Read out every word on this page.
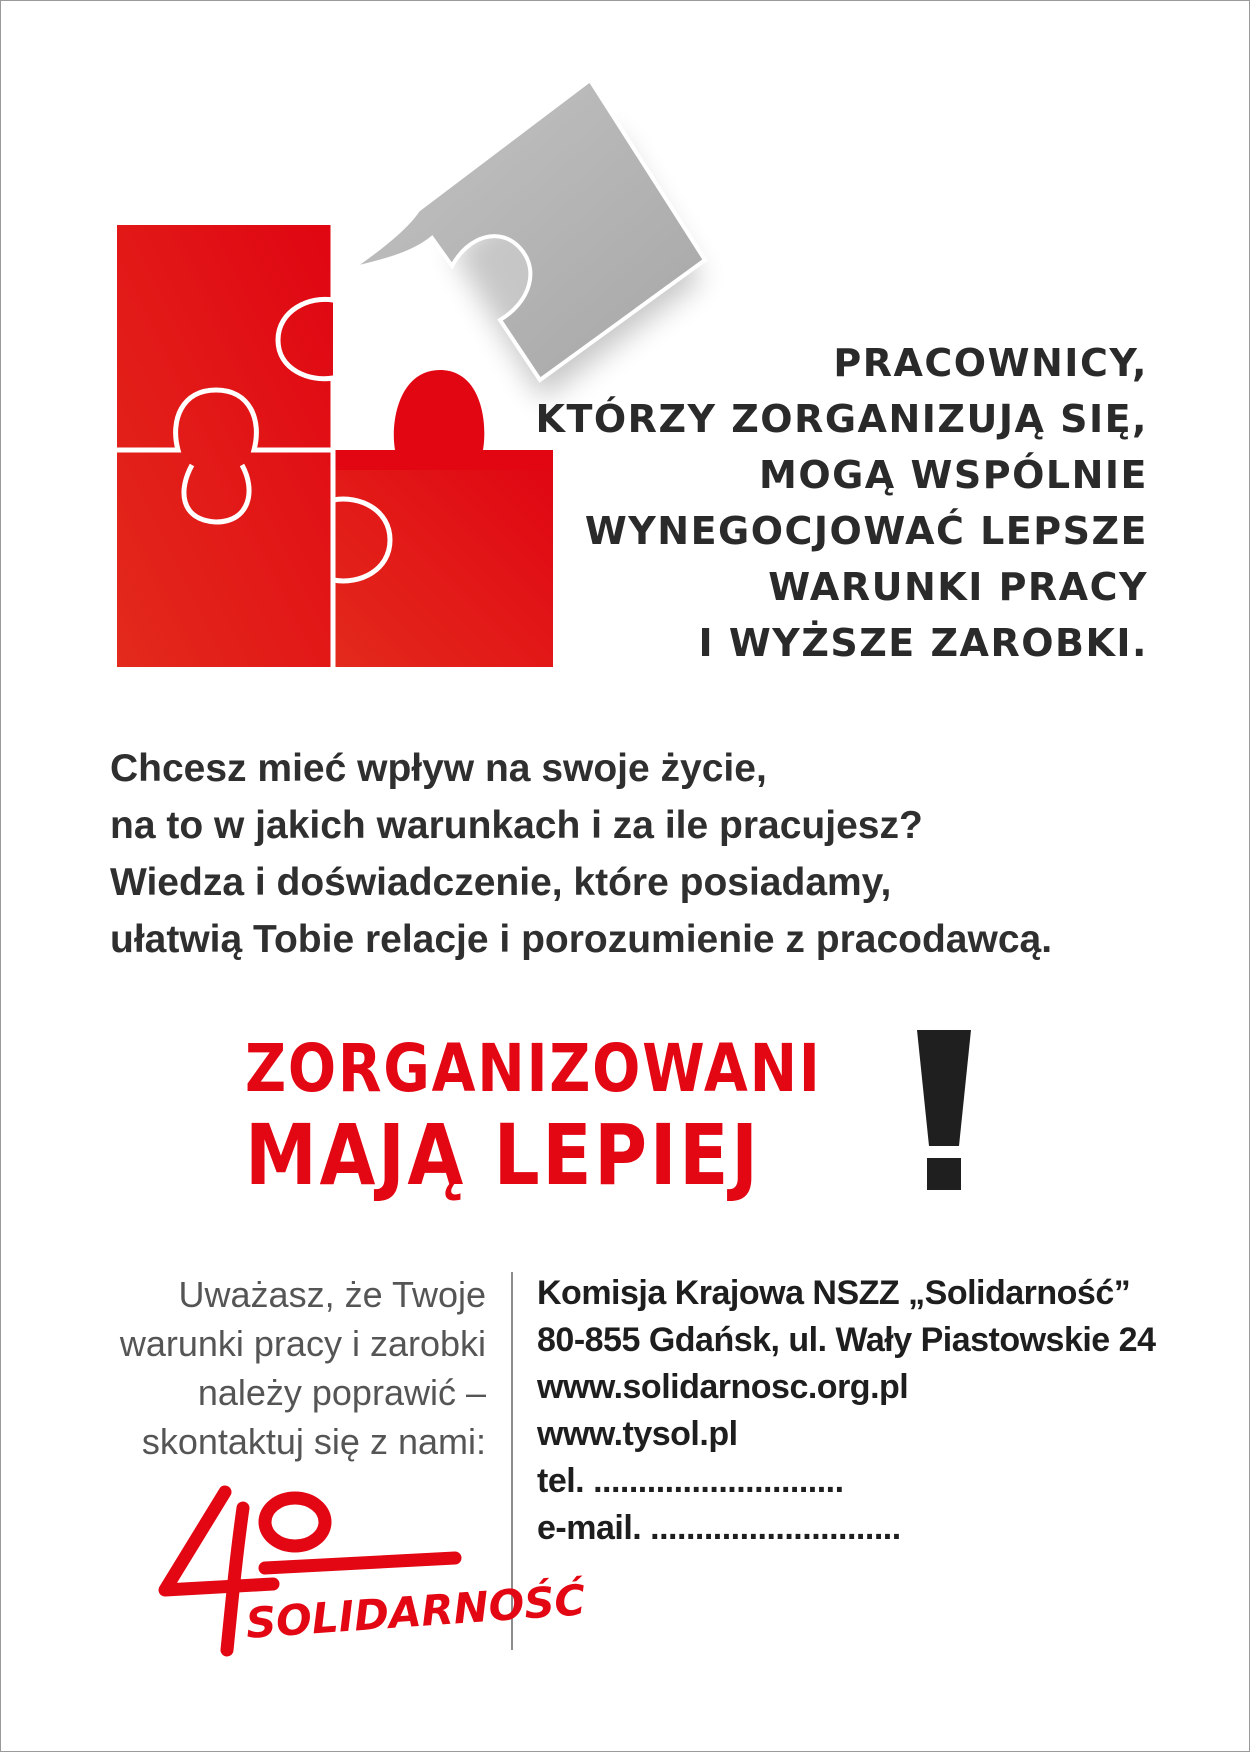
PRACOWNICY,
KTÓRZY ZORGANIZUJĄ SIĘ,
MOGĄ WSPÓLNIE
WYNEGOCJOWAĆ LEPSZE
WARUNKI PRACY
I WYŻSZE ZAROBKI.

Chcesz mieć wpływ na swoje życie,
na to w jakich warunkach i za ile pracujesz?
Wiedza i doświadczenie, które posiadamy,
ułatwią Tobie relacje i porozumienie z pracodawcą.

ZORGANIZOWANI
MAJĄ LEPIEJ

Uważasz, że Twoje
warunki pracy i zarobki
należy poprawić –
skontaktuj się z nami:

Komisja Krajowa NSZZ „Solidarność”
80-855 Gdańsk, ul. Wały Piastowskie 24
www.solidarnosc.org.pl
www.tysol.pl
tel. ............................
e-mail. ............................

SOLIDARNOŚĆ
